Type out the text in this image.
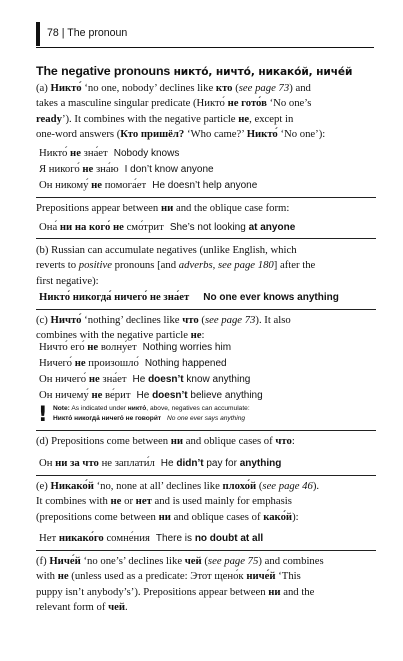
78 | The pronoun
The negative pronouns никто́, ничто́, никако́й, ниче́й
(a) Никто́ ‘no one, nobody’ declines like кто (see page 73) and
takes a masculine singular predicate (Никто́ не гото́в ‘No one’s
ready’). It combines with the negative particle не, except in
one-word answers (Кто пришёл? ‘Who came?’ Никто́ ‘No one’):
Никто́ не зна́ет Nobody knows
Я никого́ не зна́ю I don’t know anyone
Он никому́ не помога́ет He doesn’t help anyone
Prepositions appear between ни and the oblique case form:
Она́ ни на кого́ не смо́трит She’s not looking at anyone
(b) Russian can accumulate negatives (unlike English, which
reverts to positive pronouns [and adverbs, see page 180] after the
first negative):
Никто́ никогда́ ничего́ не зна́ет No one ever knows anything
(c) Ничто́ ‘nothing’ declines like что (see page 73). It also
combines with the negative particle не:
Ничто́ его́ не волну́ет Nothing worries him
Ничего́ не произошло́ Nothing happened
Он ничего́ не зна́ет He doesn’t know anything
Он ничему́ не ве́рит He doesn’t believe anything
! Note: As indicated under никто́, above, negatives can accumulate:
Никто́ никогда́ ничего́ не говори́т No one ever says anything
(d) Prepositions come between ни and oblique cases of что:
Он ни за что не заплати́л He didn’t pay for anything
(e) Никако́й ‘no, none at all’ declines like плохо́й (see page 46).
It combines with не or нет and is used mainly for emphasis
(prepositions come between ни and oblique cases of како́й):
Нет никако́го сомне́ния There is no doubt at all
(f) Ниче́й ‘no one’s’ declines like чей (see page 75) and combines
with не (unless used as a predicate: Этот щено́к ниче́й ‘This
puppy isn’t anybody’s’). Prepositions appear between ни and the
relevant form of чей.
